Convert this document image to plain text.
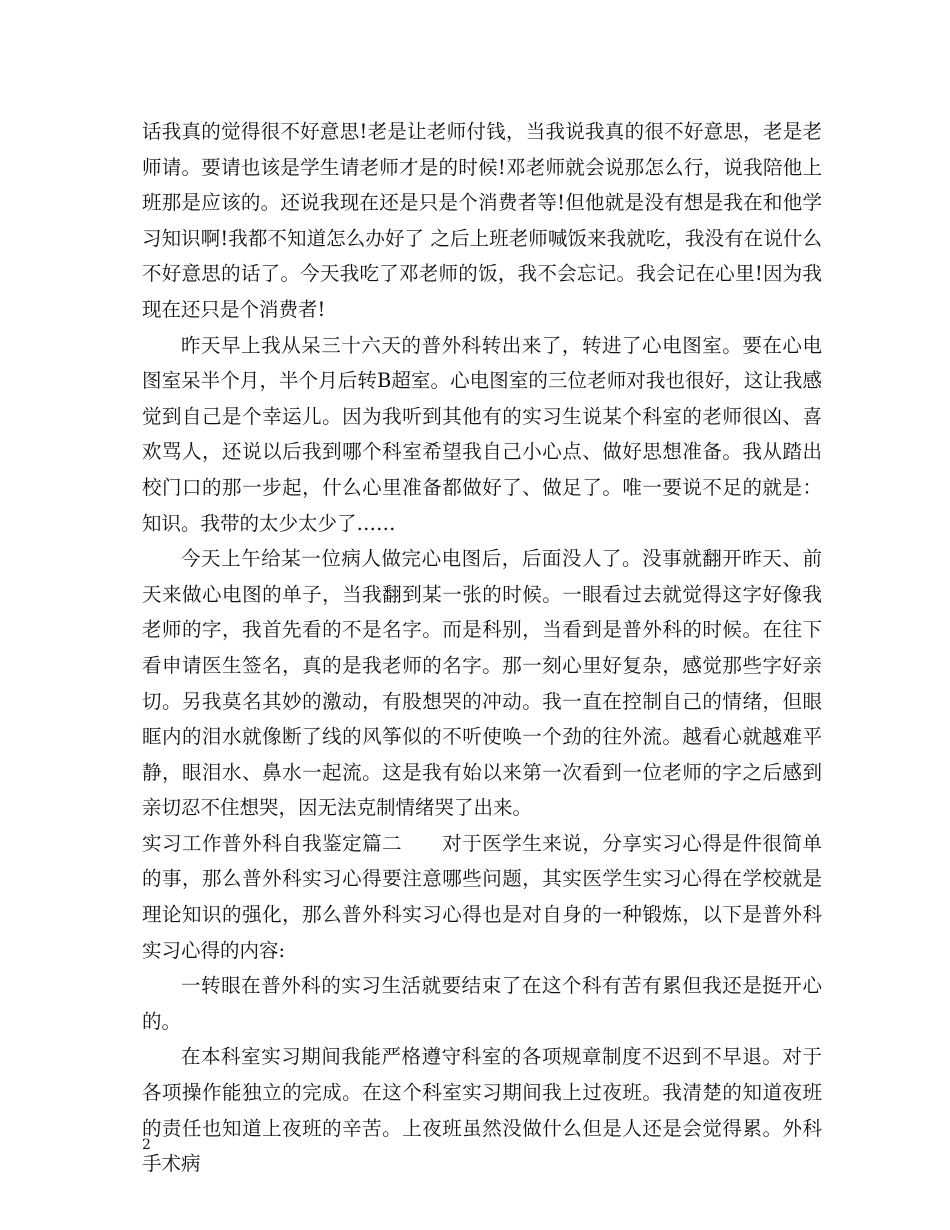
话我真的觉得很不好意思!老是让老师付钱，当我说我真的很不好意思，老是老师请。要请也该是学生请老师才是的时候!邓老师就会说那怎么行，说我陪他上班那是应该的。还说我现在还是只是个消费者等!但他就是没有想是我在和他学习知识啊!我都不知道怎么办好了 之后上班老师喊饭来我就吃，我没有在说什么不好意思的话了。今天我吃了邓老师的饭，我不会忘记。我会记在心里!因为我现在还只是个消费者!

昨天早上我从呆三十六天的普外科转出来了，转进了心电图室。要在心电图室呆半个月，半个月后转B超室。心电图室的三位老师对我也很好，这让我感觉到自己是个幸运儿。因为我听到其他有的实习生说某个科室的老师很凶、喜欢骂人，还说以后我到哪个科室希望我自己小心点、做好思想准备。我从踏出校门口的那一步起，什么心里准备都做好了、做足了。唯一要说不足的就是：知识。我带的太少太少了……

今天上午给某一位病人做完心电图后，后面没人了。没事就翻开昨天、前天来做心电图的单子，当我翻到某一张的时候。一眼看过去就觉得这字好像我老师的字，我首先看的不是名字。而是科别，当看到是普外科的时候。在往下看申请医生签名，真的是我老师的名字。那一刻心里好复杂，感觉那些字好亲切。另我莫名其妙的激动，有股想哭的冲动。我一直在控制自己的情绪，但眼眶内的泪水就像断了线的风筝似的不听使唤一个劲的往外流。越看心就越难平静，眼泪水、鼻水一起流。这是我有始以来第一次看到一位老师的字之后感到亲切忍不住想哭，因无法克制情绪哭了出来。

实习工作普外科自我鉴定篇二　　对于医学生来说，分享实习心得是件很简单的事，那么普外科实习心得要注意哪些问题，其实医学生实习心得在学校就是理论知识的强化，那么普外科实习心得也是对自身的一种锻炼，以下是普外科实习心得的内容:

一转眼在普外科的实习生活就要结束了在这个科有苦有累但我还是挺开心的。

在本科室实习期间我能严格遵守科室的各项规章制度不迟到不早退。对于各项操作能独立的完成。在这个科室实习期间我上过夜班。我清楚的知道夜班的责任也知道上夜班的辛苦。上夜班虽然没做什么但是人还是会觉得累。外科手术病

2
